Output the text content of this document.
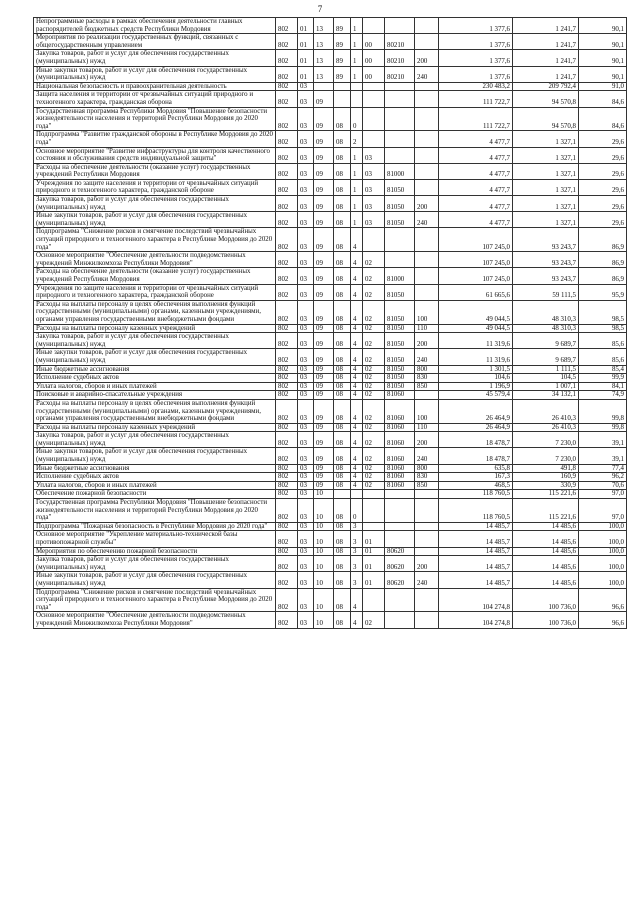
7
Непрограммные расходы в рамках обеспечения деятельности главных распорядителей бюджетных средств Республики Мордовия	802	01	13	89	1				1 377,6	1 241,7	90,1
Мероприятия по реализации государственных функций, связанных с общегосударственным управлением	802	01	13	89	1	00	80210		1 377,6	1 241,7	90,1
Закупка товаров, работ и услуг для обеспечения государственных (муниципальных) нужд	802	01	13	89	1	00	80210	200	1 377,6	1 241,7	90,1
Иные закупки товаров, работ и услуг для обеспечения государственных (муниципальных) нужд	802	01	13	89	1	00	80210	240	1 377,6	1 241,7	90,1
Национальная безопасность и правоохранительная деятельность	802	03							230 483,2	209 792,4	91,0
Защита населения и территории от чрезвычайных ситуаций природного и техногенного характера, гражданская оборона	802	03	09						111 722,7	94 570,8	84,6
Государственная программа Республики Мордовия "Повышение безопасности жизнедеятельности населения и территорий Республики Мордовия до 2020 года"	802	03	09	08	0				111 722,7	94 570,8	84,6
Подпрограмма "Развитие гражданской обороны в Республике Мордовия до 2020 года"	802	03	09	08	2				4 477,7	1 327,1	29,6
Основное мероприятие "Развитие инфраструктуры для контроля качественного состояния и обслуживания средств индивидуальной защиты"	802	03	09	08	1	03			4 477,7	1 327,1	29,6
Расходы на обеспечение деятельности (оказание услуг) государственных учреждений Республики Мордовия	802	03	09	08	1	03	81000		4 477,7	1 327,1	29,6
Учреждения по защите населения и территории от чрезвычайных ситуаций природного и техногенного характера, гражданской обороне	802	03	09	08	1	03	81050		4 477,7	1 327,1	29,6
Закупка товаров, работ и услуг для обеспечения государственных (муниципальных) нужд	802	03	09	08	1	03	81050	200	4 477,7	1 327,1	29,6
Иные закупки товаров, работ и услуг для обеспечения государственных (муниципальных) нужд	802	03	09	08	1	03	81050	240	4 477,7	1 327,1	29,6
Подпрограмма "Снижение рисков и смягчение последствий чрезвычайных ситуаций природного и техногенного характера в Республике Мордовия до 2020 года"	802	03	09	08	4				107 245,0	93 243,7	86,9
Основное мероприятие "Обеспечение деятельности подведомственных учреждений Минжилкомхоза Республики Мордовия"	802	03	09	08	4	02			107 245,0	93 243,7	86,9
Расходы на обеспечение деятельности (оказание услуг) государственных учреждений Республики Мордовия	802	03	09	08	4	02	81000		107 245,0	93 243,7	86,9
Учреждения по защите населения и территории от чрезвычайных ситуаций природного и техногенного характера, гражданской обороне	802	03	09	08	4	02	81050		61 665,6	59 111,5	95,9
Расходы на выплаты персоналу в целях обеспечения выполнения функций государственными (муниципальными) органами, казенными учреждениями, органами управления государственными внебюджетными фондами	802	03	09	08	4	02	81050	100	49 044,5	48 310,3	98,5
Расходы на выплаты персоналу казенных учреждений	802	03	09	08	4	02	81050	110	49 044,5	48 310,3	98,5
Закупка товаров, работ и услуг для обеспечения государственных (муниципальных) нужд	802	03	09	08	4	02	81050	200	11 319,6	9 689,7	85,6
Иные закупки товаров, работ и услуг для обеспечения государственных (муниципальных) нужд	802	03	09	08	4	02	81050	240	11 319,6	9 689,7	85,6
Иные бюджетные ассигнования	802	03	09	08	4	02	81050	800	1 301,5	1 111,5	85,4
Исполнение судебных актов	802	03	09	08	4	02	81050	830	104,6	104,5	99,9
Уплата налогов, сборов и иных платежей	802	03	09	08	4	02	81050	850	1 196,9	1 007,1	84,1
Поисковые и аварийно-спасательные учреждения	802	03	09	08	4	02	81060		45 579,4	34 132,1	74,9
Расходы на выплаты персоналу в целях обеспечения выполнения функций государственными (муниципальными) органами, казенными учреждениями, органами управления государственными внебюджетными фондами	802	03	09	08	4	02	81060	100	26 464,9	26 410,3	99,8
Расходы на выплаты персоналу казенных учреждений	802	03	09	08	4	02	81060	110	26 464,9	26 410,3	99,8
Закупка товаров, работ и услуг для обеспечения государственных (муниципальных) нужд	802	03	09	08	4	02	81060	200	18 478,7	7 230,0	39,1
Иные закупки товаров, работ и услуг для обеспечения государственных (муниципальных) нужд	802	03	09	08	4	02	81060	240	18 478,7	7 230,0	39,1
Иные бюджетные ассигнования	802	03	09	08	4	02	81060	800	635,8	491,8	77,4
Исполнение судебных актов	802	03	09	08	4	02	81060	830	167,3	160,9	96,2
Уплата налогов, сборов и иных платежей	802	03	09	08	4	02	81060	850	468,5	330,9	70,6
Обеспечение пожарной безопасности	802	03	10						118 760,5	115 221,6	97,0
Государственная программа Республики Мордовия "Повышение безопасности жизнедеятельности населения и территорий Республики Мордовия до 2020 года"	802	03	10	08	0				118 760,5	115 221,6	97,0
Подпрограмма "Пожарная безопасность в Республике Мордовия до 2020 года"	802	03	10	08	3				14 485,7	14 485,6	100,0
Основное мероприятие "Укрепление материально-технической базы противопожарной службы"	802	03	10	08	3	01			14 485,7	14 485,6	100,0
Мероприятия по обеспечению пожарной безопасности	802	03	10	08	3	01	80620		14 485,7	14 485,6	100,0
Закупка товаров, работ и услуг для обеспечения государственных (муниципальных) нужд	802	03	10	08	3	01	80620	200	14 485,7	14 485,6	100,0
Иные закупки товаров, работ и услуг для обеспечения государственных (муниципальных) нужд	802	03	10	08	3	01	80620	240	14 485,7	14 485,6	100,0
Подпрограмма "Снижение рисков и смягчение последствий чрезвычайных ситуаций природного и техногенного характера в Республике Мордовия до 2020 года"	802	03	10	08	4				104 274,8	100 736,0	96,6
Основное мероприятие "Обеспечение деятельности подведомственных учреждений Минжилкомхоза Республики Мордовия"	802	03	10	08	4	02			104 274,8	100 736,0	96,6
